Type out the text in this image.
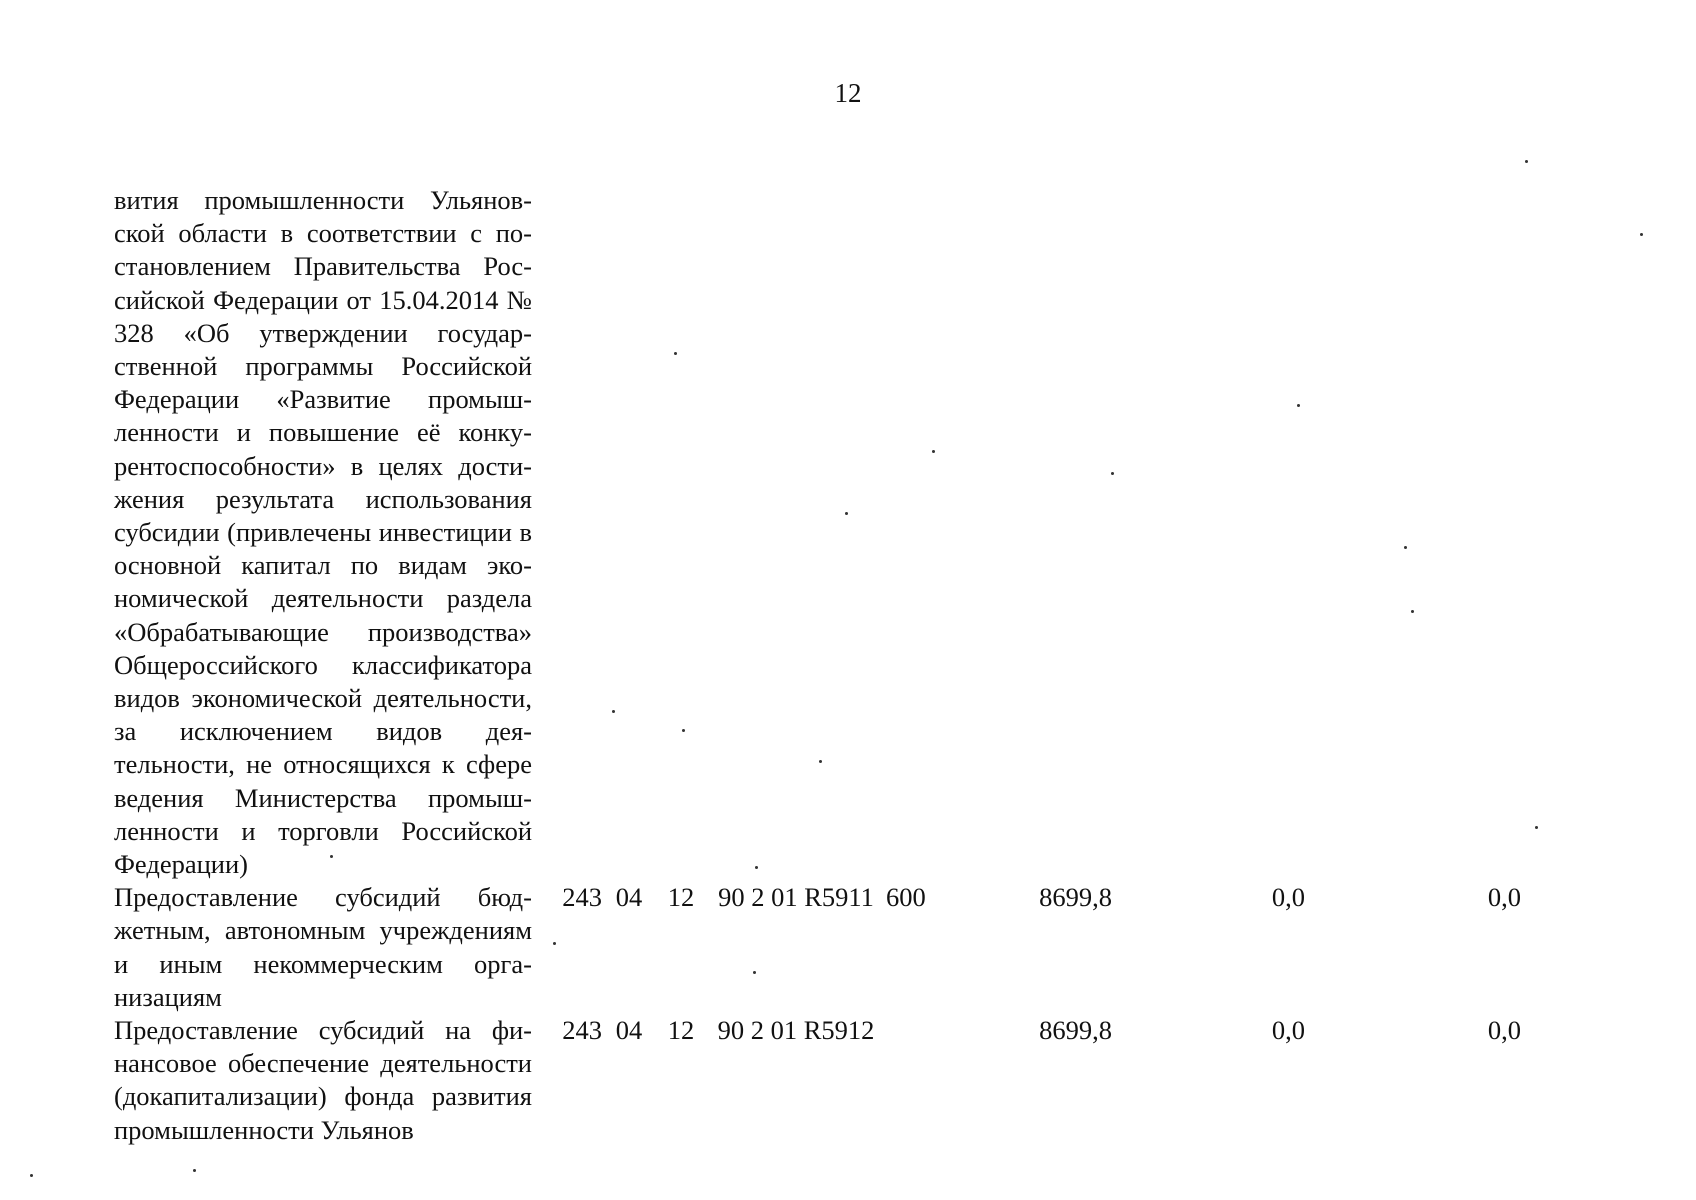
12
вития промышленности Ульяновской области в соответствии с постановлением Правительства Российской Федерации от 15.04.2014 № 328 «Об утверждении государственной программы Российской Федерации «Развитие промышленности и повышение её конкурентоспособности» в целях достижения результата использования субсидии (привлечены инвестиции в основной капитал по видам экономической деятельности раздела «Обрабатывающие производства» Общероссийского классификатора видов экономической деятельности, за исключением видов деятельности, не относящихся к сфере ведения Министерства промышленности и торговли Российской Федерации)								
Предоставление субсидий бюджетным, автономным учреждениям и иным некоммерческим организациям	243	04	12	90 2 01 R5911	600	8699,8	0,0	0,0
Предоставление субсидий на финансовое обеспечение деятельности (докапитализации) фонда развития промышленности Ульянов	243	04	12	90 2 01 R5912		8699,8	0,0	0,0
